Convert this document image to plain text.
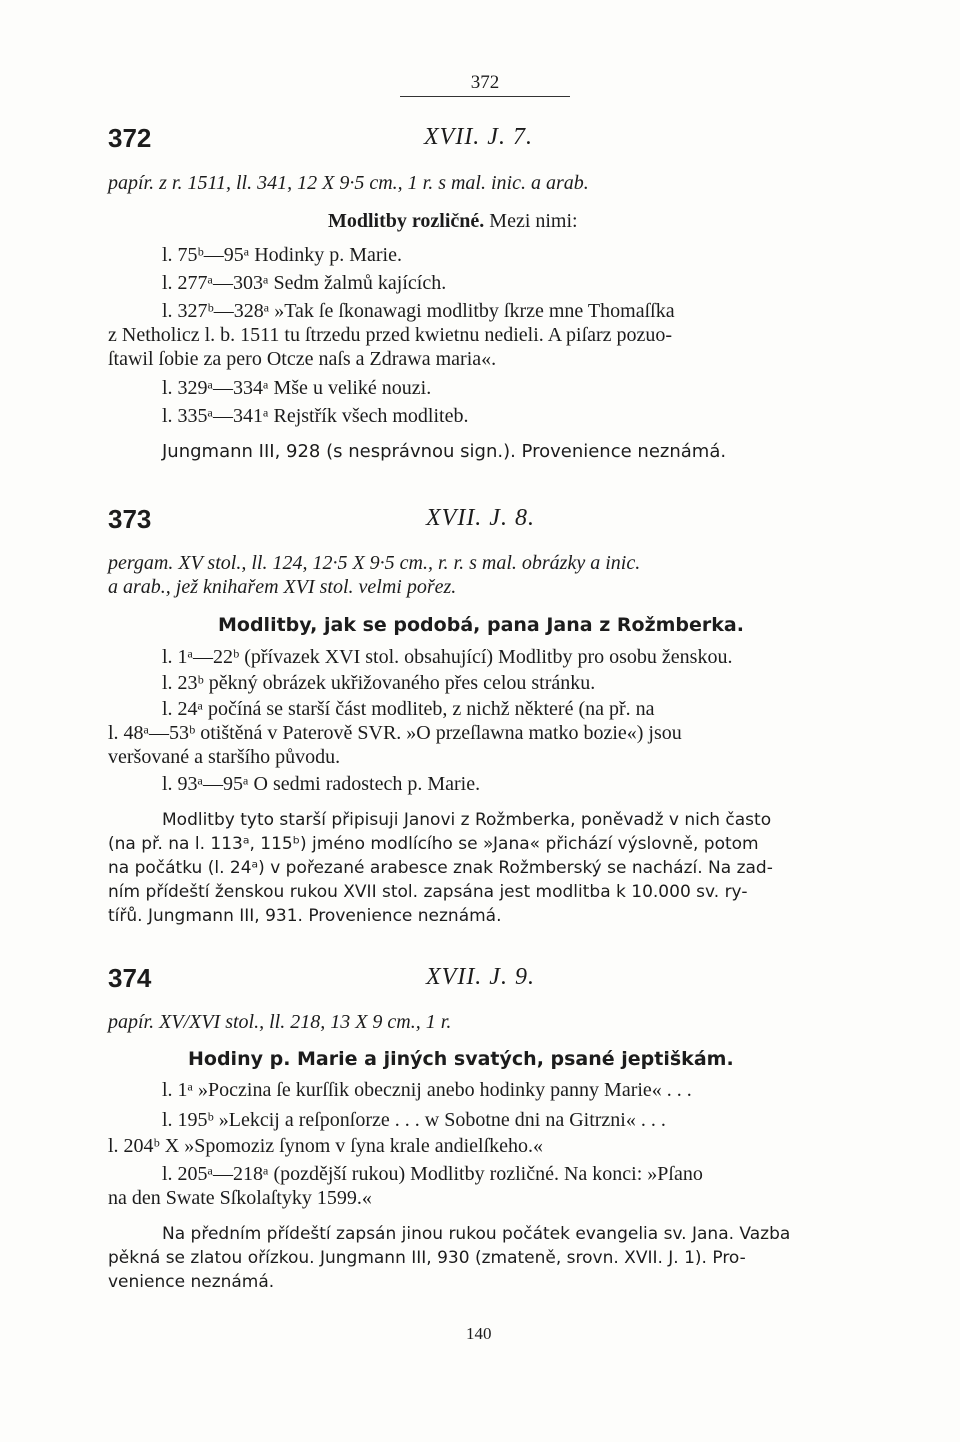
372
372	XVII. J. 7.
papír. z r. 1511, ll. 341, 12 X 9·5 cm., 1 r. s mal. inic. a arab.
Modlitby rozličné. Mezi nimi:
l. 75ᵇ—95ᵃ Hodinky p. Marie.
l. 277ᵃ—303ᵃ Sedm žalmů kajících.
l. 327ᵇ—328ᵃ »Tak ſe ſkonawagi modlitby ſkrze mne Thomaſſka
z Netholicz l. b. 1511 tu ſtrzedu przed kwietnu nedieli. A piſarz pozuo-
ſtawil ſobie za pero Otcze naſs a Zdrawa maria«.
l. 329ᵃ—334ᵃ Mše u veliké nouzi.
l. 335ᵃ—341ᵃ Rejstřík všech modliteb.
Jungmann III, 928 (s nesprávnou sign.). Provenience neznámá.
373	XVII. J. 8.
pergam. XV stol., ll. 124, 12·5 X 9·5 cm., r. r. s mal. obrázky a inic.
a arab., jež knihařem XVI stol. velmi pořez.
Modlitby, jak se podobá, pana Jana z Rožmberka.
l. 1ᵃ—22ᵇ (přívazek XVI stol. obsahující) Modlitby pro osobu ženskou.
l. 23ᵇ pěkný obrázek ukřižovaného přes celou stránku.
l. 24ᵃ počíná se starší část modliteb, z nichž některé (na př. na
l. 48ᵃ—53ᵇ otištěná v Paterově SVR. »O przeſlawna matko bozie«) jsou
veršované a staršího původu.
l. 93ᵃ—95ᵃ O sedmi radostech p. Marie.
Modlitby tyto starší připisuji Janovi z Rožmberka, poněvadž v nich často
(na př. na l. 113ᵃ, 115ᵇ) jméno modlícího se »Jana« přichází výslovně, potom
na počátku (l. 24ᵃ) v pořezané arabesce znak Rožmberský se nachází. Na zad-
ním přídeští ženskou rukou XVII stol. zapsána jest modlitba k 10.000 sv. ry-
tířů. Jungmann III, 931. Provenience neznámá.
374	XVII. J. 9.
papír. XV/XVI stol., ll. 218, 13 X 9 cm., 1 r.
Hodiny p. Marie a jiných svatých, psané jeptiškám.
l. 1ᵃ »Poczina ſe kurſſik obecznij anebo hodinky panny Marie« . . .
l. 195ᵇ »Lekcij a reſponſorze . . . w Sobotne dni na Gitrzni« . . .
l. 204ᵇ X »Spomoziz ſynom v ſyna krale andielſkeho.«
l. 205ᵃ—218ᵃ (pozdější rukou) Modlitby rozličné. Na konci: »Pſano
na den Swate Sſkolaſtyky 1599.«
Na předním přídeští zapsán jinou rukou počátek evangelia sv. Jana. Vazba
pěkná se zlatou ořízkou. Jungmann III, 930 (zmateně, srovn. XVII. J. 1). Pro-
venience neznámá.
140
